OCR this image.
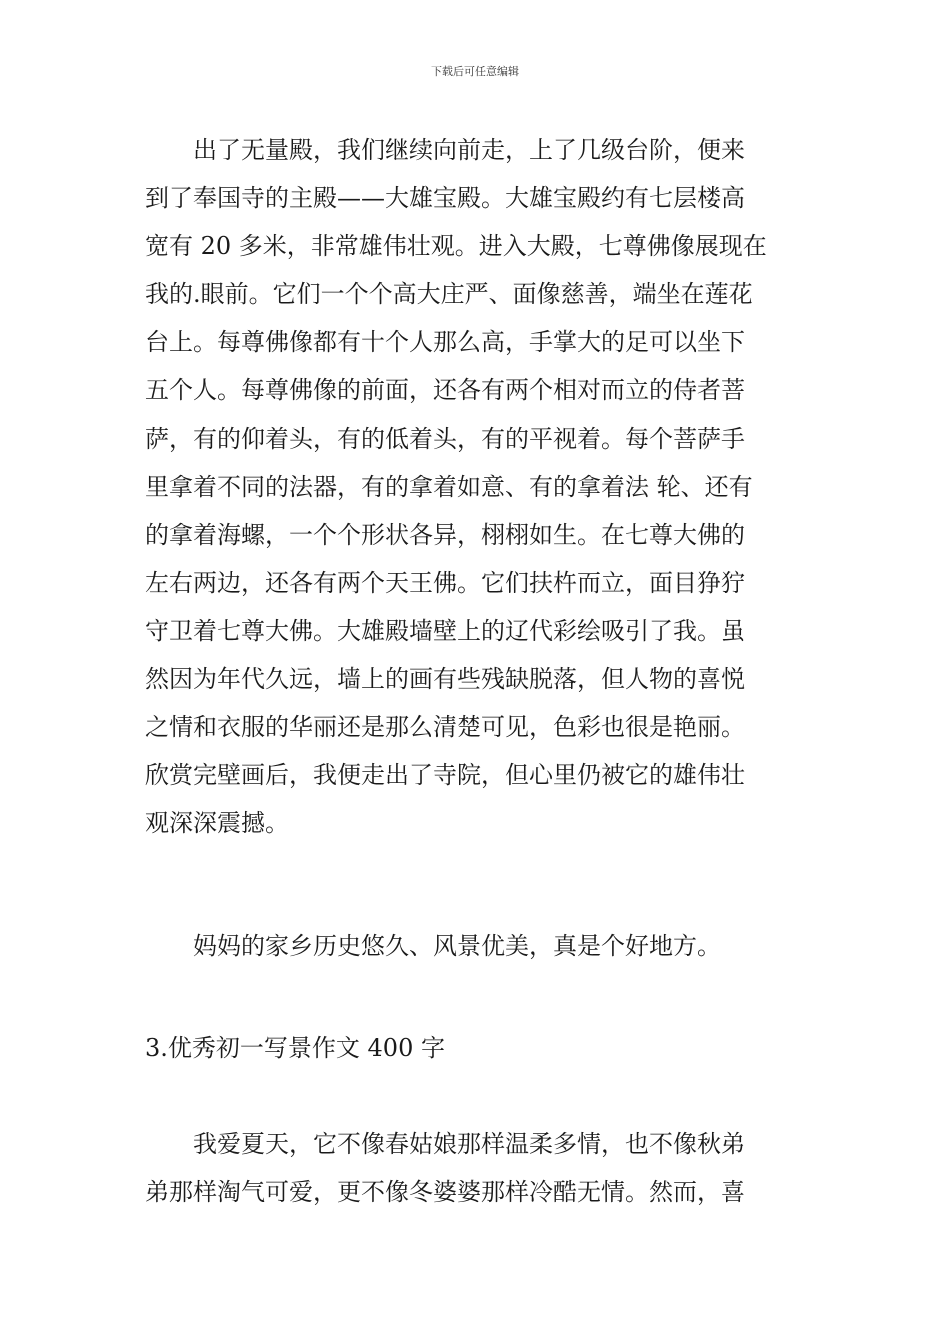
下载后可任意编辑
　　出了无量殿，我们继续向前走，上了几级台阶，便来
到了奉国寺的主殿——大雄宝殿。大雄宝殿约有七层楼高
宽有 20 多米，非常雄伟壮观。进入大殿，七尊佛像展现在
我的.眼前。它们一个个高大庄严、面像慈善，端坐在莲花
台上。每尊佛像都有十个人那么高，手掌大的足可以坐下
五个人。每尊佛像的前面，还各有两个相对而立的侍者菩
萨，有的仰着头，有的低着头，有的平视着。每个菩萨手
里拿着不同的法器，有的拿着如意、有的拿着法 轮、还有
的拿着海螺，一个个形状各异，栩栩如生。在七尊大佛的
左右两边，还各有两个天王佛。它们扶杵而立，面目狰狞
守卫着七尊大佛。大雄殿墙壁上的辽代彩绘吸引了我。虽
然因为年代久远，墙上的画有些残缺脱落，但人物的喜悦
之情和衣服的华丽还是那么清楚可见，色彩也很是艳丽。
欣赏完壁画后，我便走出了寺院，但心里仍被它的雄伟壮
观深深震撼。
　　妈妈的家乡历史悠久、风景优美，真是个好地方。
3.优秀初一写景作文 400 字
　　我爱夏天，它不像春姑娘那样温柔多情，也不像秋弟
弟那样淘气可爱，更不像冬婆婆那样冷酷无情。然而，喜
